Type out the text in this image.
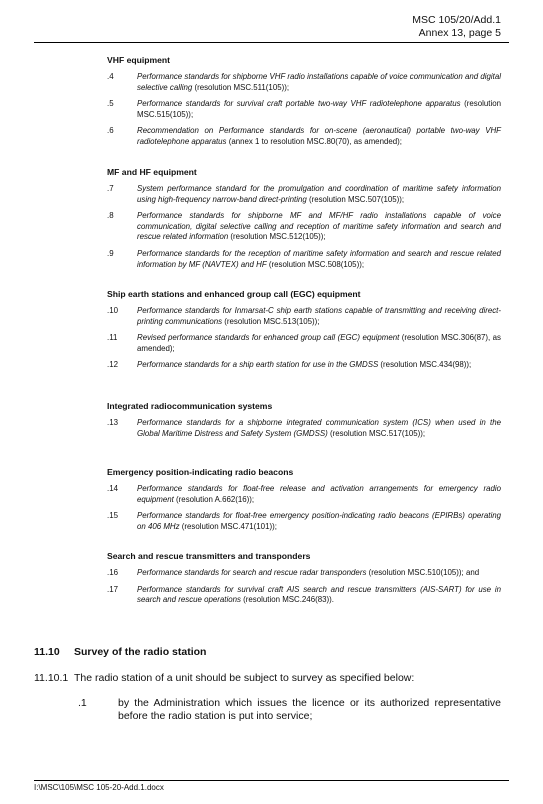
MSC 105/20/Add.1
Annex 13, page 5

VHF equipment

.4	Performance standards for shipborne VHF radio installations capable of voice communication and digital selective calling (resolution MSC.511(105));
.5	Performance standards for survival craft portable two-way VHF radiotelephone apparatus (resolution MSC.515(105));
.6	Recommendation on Performance standards for on-scene (aeronautical) portable two-way VHF radiotelephone apparatus (annex 1 to resolution MSC.80(70), as amended);

MF and HF equipment

.7	System performance standard for the promulgation and coordination of maritime safety information using high-frequency narrow-band direct-printing (resolution MSC.507(105));
.8	Performance standards for shipborne MF and MF/HF radio installations capable of voice communication, digital selective calling and reception of maritime safety information and search and rescue related information (resolution MSC.512(105));
.9	Performance standards for the reception of maritime safety information and search and rescue related information by MF (NAVTEX) and HF (resolution MSC.508(105));

Ship earth stations and enhanced group call (EGC) equipment

.10	Performance standards for Inmarsat-C ship earth stations capable of transmitting and receiving direct-printing communications (resolution MSC.513(105));
.11	Revised performance standards for enhanced group call (EGC) equipment (resolution MSC.306(87), as amended);
.12	Performance standards for a ship earth station for use in the GMDSS (resolution MSC.434(98));

Integrated radiocommunication systems

.13	Performance standards for a shipborne integrated communication system (ICS) when used in the Global Maritime Distress and Safety System (GMDSS) (resolution MSC.517(105));

Emergency position-indicating radio beacons

.14	Performance standards for float-free release and activation arrangements for emergency radio equipment (resolution A.662(16));
.15	Performance standards for float-free emergency position-indicating radio beacons (EPIRBs) operating on 406 MHz (resolution MSC.471(101));

Search and rescue transmitters and transponders

.16	Performance standards for search and rescue radar transponders (resolution MSC.510(105)); and
.17	Performance standards for survival craft AIS search and rescue transmitters (AIS-SART) for use in search and rescue operations (resolution MSC.246(83)).
11.10	Survey of the radio station
11.10.1 The radio station of a unit should be subject to survey as specified below:
.1	by the Administration which issues the licence or its authorized representative before the radio station is put into service;
I:\MSC\105\MSC 105-20-Add.1.docx
